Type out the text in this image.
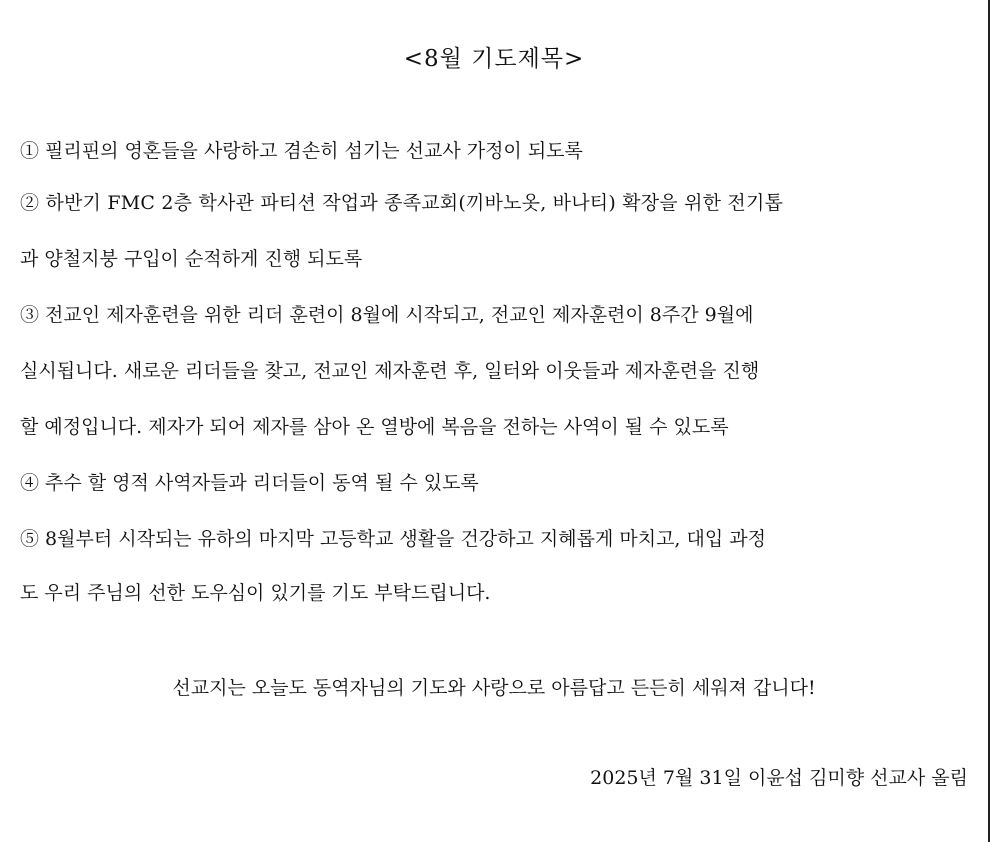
<8월 기도제목>
① 필리핀의 영혼들을 사랑하고 겸손히 섬기는 선교사 가정이 되도록
② 하반기 FMC 2층 학사관 파티션 작업과 종족교회(끼바노옷, 바나티) 확장을 위한 전기톱
과 양철지붕 구입이 순적하게 진행 되도록
③ 전교인 제자훈련을 위한 리더 훈련이 8월에 시작되고, 전교인 제자훈련이 8주간 9월에
실시됩니다. 새로운 리더들을 찾고, 전교인 제자훈련 후, 일터와 이웃들과 제자훈련을 진행
할 예정입니다. 제자가 되어 제자를 삼아 온 열방에 복음을 전하는 사역이 될 수 있도록
④ 추수 할 영적 사역자들과 리더들이 동역 될 수 있도록
⑤ 8월부터 시작되는 유하의 마지막 고등학교 생활을 건강하고 지혜롭게 마치고, 대입 과정
도 우리 주님의 선한 도우심이 있기를 기도 부탁드립니다.
선교지는 오늘도 동역자님의 기도와 사랑으로 아름답고 든든히 세워져 갑니다!
2025년 7월 31일 이윤섭 김미향 선교사 올림
